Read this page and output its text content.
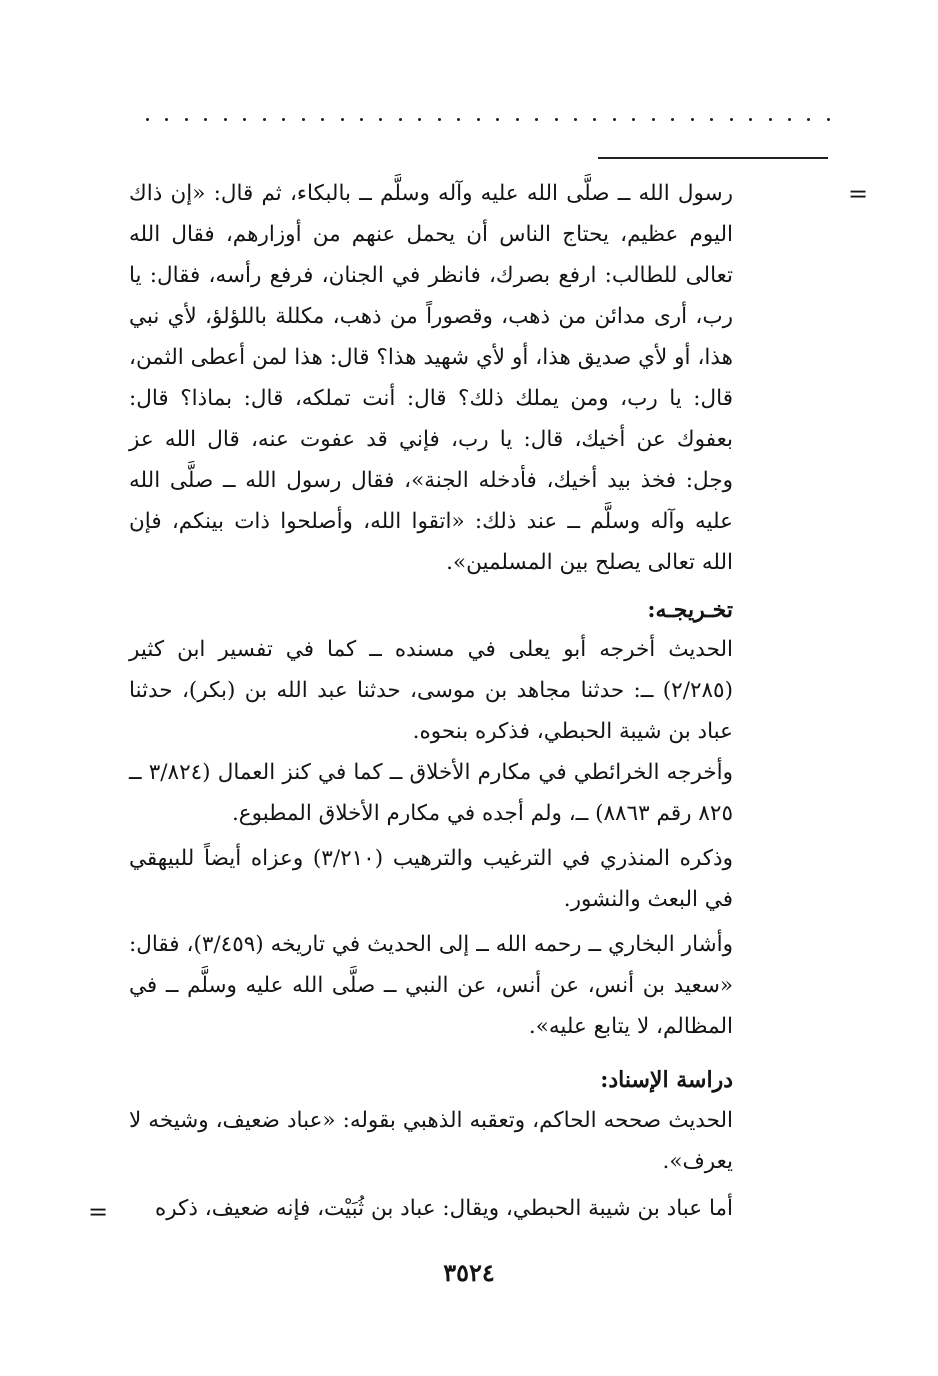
=

رسول الله ــ صلَّى الله عليه وآله وسلَّم ــ بالبكاء، ثم قال: «إن ذاك اليوم عظيم، يحتاج الناس أن يحمل عنهم من أوزارهم، فقال الله تعالى للطالب: ارفع بصرك، فانظر في الجنان، فرفع رأسه، فقال: يا رب، أرى مدائن من ذهب، وقصوراً من ذهب، مكللة باللؤلؤ، لأي نبي هذا، أو لأي صديق هذا، أو لأي شهيد هذا؟ قال: هذا لمن أعطى الثمن، قال: يا رب، ومن يملك ذلك؟ قال: أنت تملكه، قال: بماذا؟ قال: بعفوك عن أخيك، قال: يا رب، فإني قد عفوت عنه، قال الله عز وجل: فخذ بيد أخيك، فأدخله الجنة»، فقال رسول الله ــ صلَّى الله عليه وآله وسلَّم ــ عند ذلك: «اتقوا الله، وأصلحوا ذات بينكم، فإن الله تعالى يصلح بين المسلمين».

تخـريجـه:

الحديث أخرجه أبو يعلى في مسنده ــ كما في تفسير ابن كثير (٢/٢٨٥) ــ: حدثنا مجاهد بن موسى، حدثنا عبد الله بن (بكر)، حدثنا عباد بن شيبة الحبطي، فذكره بنحوه.

وأخرجه الخرائطي في مكارم الأخلاق ــ كما في كنز العمال (٣/٨٢٤ ــ ٨٢٥ رقم ٨٨٦٣) ــ، ولم أجده في مكارم الأخلاق المطبوع.

وذكره المنذري في الترغيب والترهيب (٣/٢١٠) وعزاه أيضاً للبيهقي في البعث والنشور.

وأشار البخاري ــ رحمه الله ــ إلى الحديث في تاريخه (٣/٤٥٩)، فقال: «سعيد بن أنس، عن أنس، عن النبي ــ صلَّى الله عليه وسلَّم ــ في المظالم، لا يتابع عليه».

دراسة الإسناد:

الحديث صححه الحاكم، وتعقبه الذهبي بقوله: «عباد ضعيف، وشيخه لا يعرف».

أما عباد بن شيبة الحبطي، ويقال: عباد بن ثُبَيْت، فإنه ضعيف، ذكره

=
٣٥٢٤
